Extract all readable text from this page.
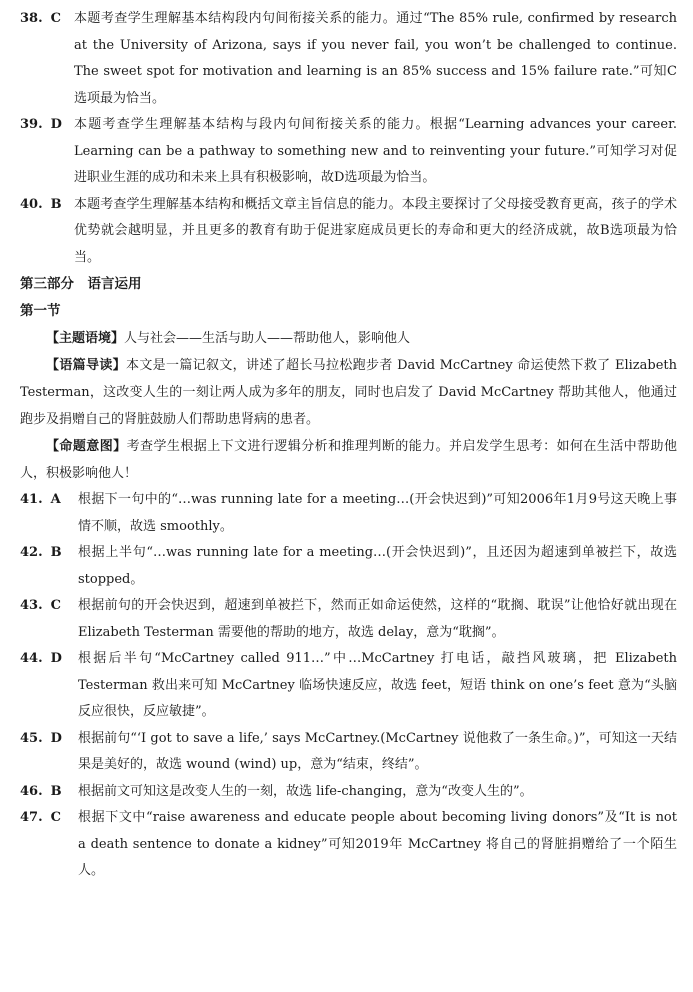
38. C	本题考查学生理解基本结构段内句间衔接关系的能力。通过“The 85% rule, confirmed by research at the University of Arizona, says if you never fail, you won’t be challenged to continue. The sweet spot for motivation and learning is an 85% success and 15% failure rate.”可知C选项最为恰当。
39. D 本题考查学生理解基本结构与段内句间衔接关系的能力。根据“Learning advances your career. Learning can be a pathway to something new and to reinventing your future.”可知学习对促进职业生涯的成功和未来上具有积极影响，故D选项最为恰当。
40. B 本题考查学生理解基本结构和概括文章主旨信息的能力。本段主要探讨了父母接受教育更高，孩子的学术优势就会越明显，并且更多的教育有助于促进家庭成员更长的寿命和更大的经济成就，故B选项最为恰当。
第三部分　语言运用
第一节
【主题语境】人与社会——生活与助人——帮助他人，影响他人
【语篇导读】本文是一篇记叙文，讲述了超长马拉松跑步者 David McCartney 命运使然下救了 Elizabeth Testerman，这改变人生的一刻让两人成为多年的朋友，同时也启发了 David McCartney 帮助其他人，他通过跑步及捐赠自己的肾脏鼓励人们帮助患肾病的患者。
【命题意图】考查学生根据上下文进行逻辑分析和推理判断的能力。并启发学生思考：如何在生活中帮助他人，积极影响他人！
41. A	根据下一句中的“…was running late for a meeting…(开会快迟到)”可知2006年1月9号这天晚上事情不顺，故选 smoothly。
42. B	根据上半句“…was running late for a meeting…(开会快迟到)”，且还因为超速到单被拦下，故选 stopped。
43. C	根据前句的开会快迟到，超速到单被拦下，然而正如命运使然，这样的“耽搁、耽误”让他恰好就出现在 Elizabeth Testerman 需要他的帮助的地方，故选 delay，意为“耽搁”。
44. D	根据后半句“McCartney called 911…”中…McCartney 打电话，敲挡风玻璃，把 Elizabeth Testerman 救出来可知 McCartney 临场快速反应，故选 feet，短语 think on one’s feet 意为“头脑反应很快，反应敏捷”。
45. D	根据前句“‘I got to save a life,’ says McCartney.(McCartney 说他救了一条生命。)”，可知这一天结果是美好的，故选 wound (wind) up，意为“结束，终结”。
46. B	根据前文可知这是改变人生的一刻，故选 life-changing，意为“改变人生的”。
47. C	根据下文中“raise awareness and educate people about becoming living donors”及“It is not a death sentence to donate a kidney”可知2019年 McCartney 将自己的肾脏捐赠给了一个陌生人。
